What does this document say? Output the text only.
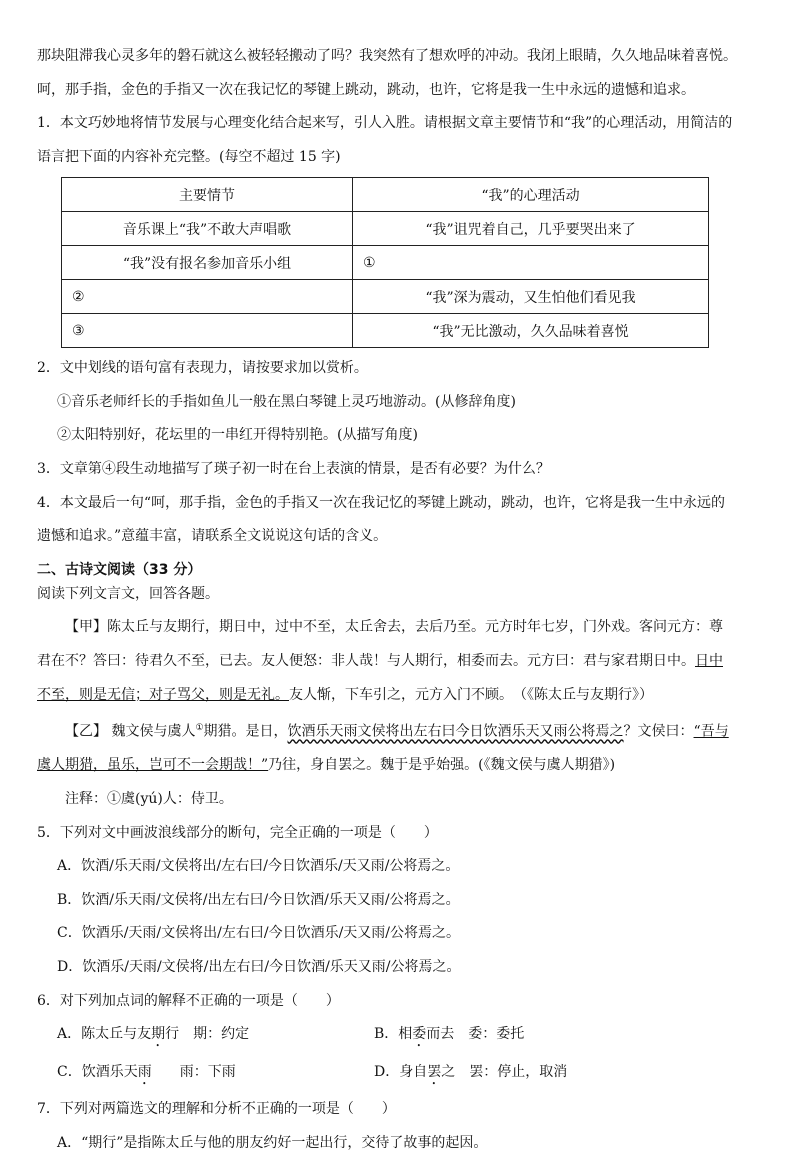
那块阻滞我心灵多年的磐石就这么被轻轻搬动了吗？我突然有了想欢呼的冲动。我闭上眼睛，久久地品味着喜悦。

呵，那手指，金色的手指又一次在我记忆的琴键上跳动，跳动，也许，它将是我一生中永远的遗憾和追求。

1．本文巧妙地将情节发展与心理变化结合起来写，引人入胜。请根据文章主要情节和“我”的心理活动，用简洁的

语言把下面的内容补充完整。(每空不超过 15 字)

主要情节	“我”的心理活动
音乐课上“我”不敢大声唱歌	“我”诅咒着自己，几乎要哭出来了
“我”没有报名参加音乐小组	①
②	“我”深为震动，又生怕他们看见我
③	“我”无比激动，久久品味着喜悦

2．文中划线的语句富有表现力，请按要求加以赏析。

①音乐老师纤长的手指如鱼儿一般在黑白琴键上灵巧地游动。(从修辞角度)

②太阳特别好，花坛里的一串红开得特别艳。(从描写角度)

3．文章第④段生动地描写了瑛子初一时在台上表演的情景，是否有必要？为什么？

4．本文最后一句“呵，那手指，金色的手指又一次在我记忆的琴键上跳动，跳动，也许，它将是我一生中永远的

遗憾和追求。”意蕴丰富，请联系全文说说这句话的含义。

二、古诗文阅读（33 分）

阅读下列文言文，回答各题。

【甲】陈太丘与友期行，期日中，过中不至，太丘舍去，去后乃至。元方时年七岁，门外戏。客问元方：尊

君在不？答曰：待君久不至，已去。友人便怒：非人哉！与人期行，相委而去。元方曰：君与家君期日中。日中

不至，则是无信；对子骂父，则是无礼。友人惭，下车引之，元方入门不顾。　 （《陈太丘与友期行》）

【乙】 魏文侯与虞人①期猎。是日，饮酒乐天雨文侯将出左右曰今日饮酒乐天又雨公将焉之？文侯曰：“吾与

虞人期猎，虽乐，岂可不一会期哉！”乃往，身自罢之。魏于是乎始强。(《魏文侯与虞人期猎》)

注释：①虞(yú)人：侍卫。

5．下列对文中画波浪线部分的断句，完全正确的一项是（　　）

A．饮酒/乐天雨/文侯将出/左右曰/今日饮酒乐/天又雨/公将焉之。

B．饮酒/乐天雨/文侯将/出左右曰/今日饮酒/乐天又雨/公将焉之。

C．饮酒乐/天雨/文侯将出/左右曰/今日饮酒乐/天又雨/公将焉之。

D．饮酒乐/天雨/文侯将/出左右曰/今日饮酒/乐天又雨/公将焉之。

6．对下列加点词的解释不正确的一项是（　　）

A．陈太丘与友期行　期：约定	B．相委而去　委：委托
C．饮酒乐天雨　　雨：下雨	D．身自罢之　罢：停止，取消

7．下列对两篇选文的理解和分析不正确的一项是（　　）

A．“期行”是指陈太丘与他的朋友约好一起出行，交待了故事的起因。
